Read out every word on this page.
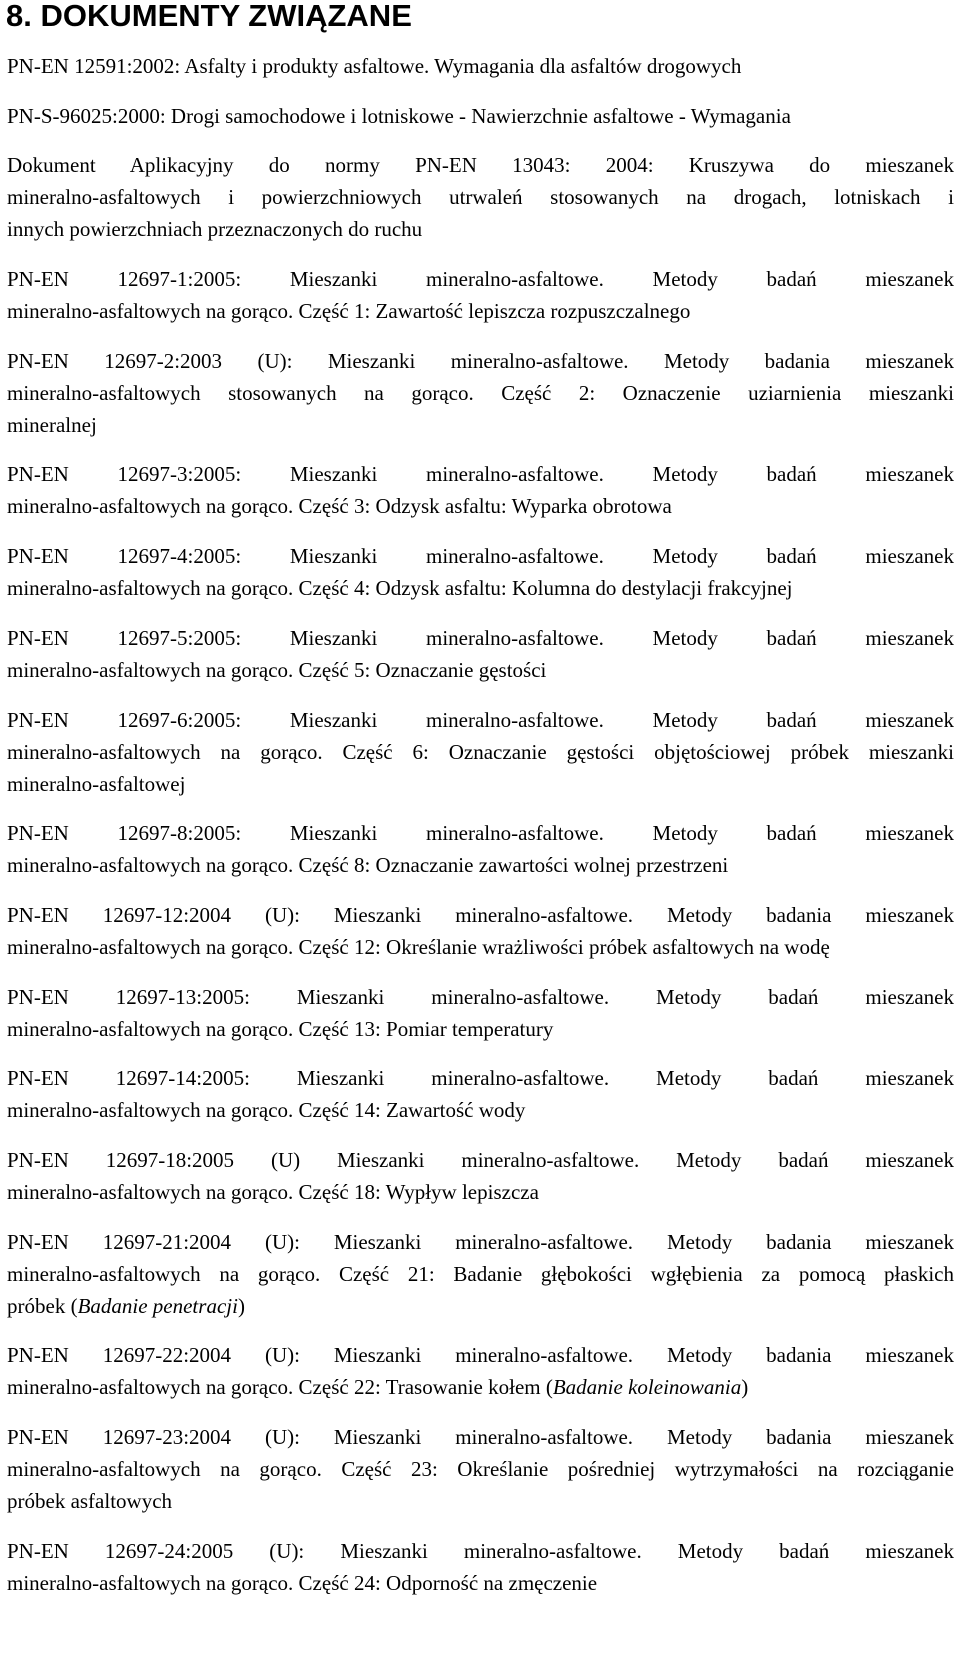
8. DOKUMENTY ZWIĄZANE
PN-EN 12591:2002: Asfalty i produkty asfaltowe. Wymagania dla asfaltów drogowych
PN-S-96025:2000: Drogi samochodowe i lotniskowe - Nawierzchnie asfaltowe - Wymagania
Dokument Aplikacyjny do normy PN-EN 13043: 2004: Kruszywa do mieszanek
mineralno-asfaltowych i powierzchniowych utrwaleń stosowanych na drogach, lotniskach i
innych powierzchniach przeznaczonych do ruchu
PN-EN 12697-1:2005: Mieszanki mineralno-asfaltowe. Metody badań mieszanek
mineralno-asfaltowych na gorąco. Część 1: Zawartość lepiszcza rozpuszczalnego
PN-EN 12697-2:2003 (U): Mieszanki mineralno-asfaltowe. Metody badania mieszanek
mineralno-asfaltowych stosowanych na gorąco. Część 2: Oznaczenie uziarnienia mieszanki
mineralnej
PN-EN 12697-3:2005: Mieszanki mineralno-asfaltowe. Metody badań mieszanek
mineralno-asfaltowych na gorąco. Część 3: Odzysk asfaltu: Wyparka obrotowa
PN-EN 12697-4:2005: Mieszanki mineralno-asfaltowe. Metody badań mieszanek
mineralno-asfaltowych na gorąco. Część 4: Odzysk asfaltu: Kolumna do destylacji frakcyjnej
PN-EN 12697-5:2005: Mieszanki mineralno-asfaltowe. Metody badań mieszanek
mineralno-asfaltowych na gorąco. Część 5: Oznaczanie gęstości
PN-EN 12697-6:2005: Mieszanki mineralno-asfaltowe. Metody badań mieszanek
mineralno-asfaltowych na gorąco. Część 6: Oznaczanie gęstości objętościowej próbek mieszanki
mineralno-asfaltowej
PN-EN 12697-8:2005: Mieszanki mineralno-asfaltowe. Metody badań mieszanek
mineralno-asfaltowych na gorąco. Część 8: Oznaczanie zawartości wolnej przestrzeni
PN-EN 12697-12:2004 (U): Mieszanki mineralno-asfaltowe. Metody badania mieszanek
mineralno-asfaltowych na gorąco. Część 12: Określanie wrażliwości próbek asfaltowych na wodę
PN-EN 12697-13:2005: Mieszanki mineralno-asfaltowe. Metody badań mieszanek
mineralno-asfaltowych na gorąco. Część 13: Pomiar temperatury
PN-EN 12697-14:2005: Mieszanki mineralno-asfaltowe. Metody badań mieszanek
mineralno-asfaltowych na gorąco. Część 14: Zawartość wody
PN-EN 12697-18:2005 (U) Mieszanki mineralno-asfaltowe. Metody badań mieszanek
mineralno-asfaltowych na gorąco. Część 18: Wypływ lepiszcza
PN-EN 12697-21:2004 (U): Mieszanki mineralno-asfaltowe. Metody badania mieszanek
mineralno-asfaltowych na gorąco. Część 21: Badanie głębokości wgłębienia za pomocą płaskich
próbek (Badanie penetracji)
PN-EN 12697-22:2004 (U): Mieszanki mineralno-asfaltowe. Metody badania mieszanek
mineralno-asfaltowych na gorąco. Część 22: Trasowanie kołem (Badanie koleinowania)
PN-EN 12697-23:2004 (U): Mieszanki mineralno-asfaltowe. Metody badania mieszanek
mineralno-asfaltowych na gorąco. Część 23: Określanie pośredniej wytrzymałości na rozciąganie
próbek asfaltowych
PN-EN 12697-24:2005 (U): Mieszanki mineralno-asfaltowe. Metody badań mieszanek
mineralno-asfaltowych na gorąco. Część 24: Odporność na zmęczenie
